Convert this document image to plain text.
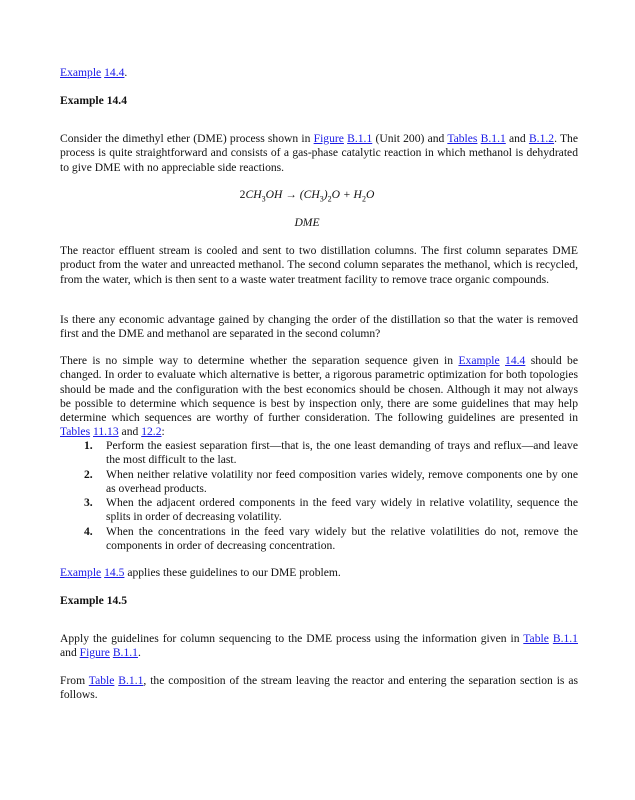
Example 14.4.

Example 14.4

Consider the dimethyl ether (DME) process shown in Figure B.1.1 (Unit 200) and Tables B.1.1 and B.1.2. The process is quite straightforward and consists of a gas-phase catalytic reaction in which methanol is dehydrated to give DME with no appreciable side reactions.

$2CH_3OH \to (CH_3)_2O + H_2O$

DME

The reactor effluent stream is cooled and sent to two distillation columns. The first column separates DME product from the water and unreacted methanol. The second column separates the methanol, which is recycled, from the water, which is then sent to a waste water treatment facility to remove trace organic compounds.

Is there any economic advantage gained by changing the order of the distillation so that the water is removed first and the DME and methanol are separated in the second column?

There is no simple way to determine whether the separation sequence given in Example 14.4 should be changed. In order to evaluate which alternative is better, a rigorous parametric optimization for both topologies should be made and the configuration with the best economics should be chosen. Although it may not always be possible to determine which sequence is best by inspection only, there are some guidelines that may help determine which sequences are worthy of further consideration. The following guidelines are presented in Tables 11.13 and 12.2:

1. Perform the easiest separation first—that is, the one least demanding of trays and reflux—and leave the most difficult to the last.
2. When neither relative volatility nor feed composition varies widely, remove components one by one as overhead products.
3. When the adjacent ordered components in the feed vary widely in relative volatility, sequence the splits in order of decreasing volatility.
4. When the concentrations in the feed vary widely but the relative volatilities do not, remove the components in order of decreasing concentration.

Example 14.5 applies these guidelines to our DME problem.

Example 14.5

Apply the guidelines for column sequencing to the DME process using the information given in Table B.1.1 and Figure B.1.1.

From Table B.1.1, the composition of the stream leaving the reactor and entering the separation section is as follows.
